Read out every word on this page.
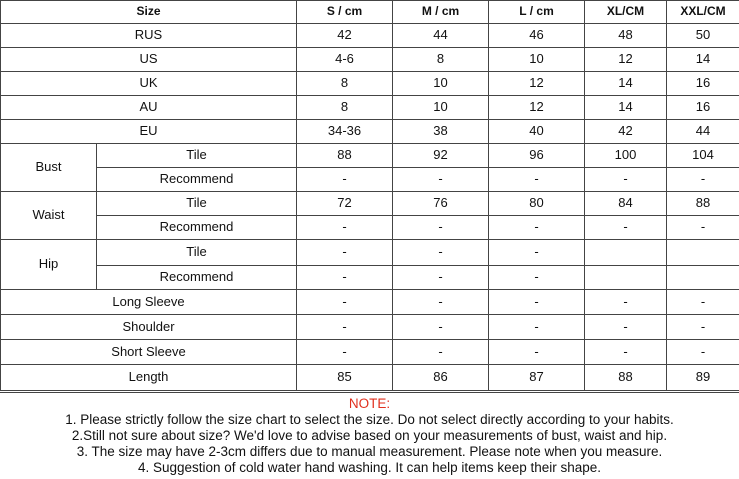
Size		S / cm	M / cm	L / cm	XL/CM	XXL/CM
RUS		42	44	46	48	50
US		4-6	8	10	12	14
UK		8	10	12	14	16
AU		8	10	12	14	16
EU		34-36	38	40	42	44
Bust	Tile	88	92	96	100	104
	Recommend	-	-	-	-	-
Waist	Tile	72	76	80	84	88
	Recommend	-	-	-	-	-
Hip	Tile	-	-	-		
	Recommend	-	-	-		
Long Sleeve		-	-	-	-	-
Shoulder		-	-	-	-	-
Short Sleeve		-	-	-	-	-
Length		85	86	87	88	89
NOTE:
1. Please strictly follow the size chart to select the size. Do not select directly according to your habits.
2.Still not sure about size? We'd love to advise based on your measurements of bust, waist and hip.
3. The size may have 2-3cm differs due to manual measurement. Please note when you measure.
4. Suggestion of cold water hand washing. It can help items keep their shape.
